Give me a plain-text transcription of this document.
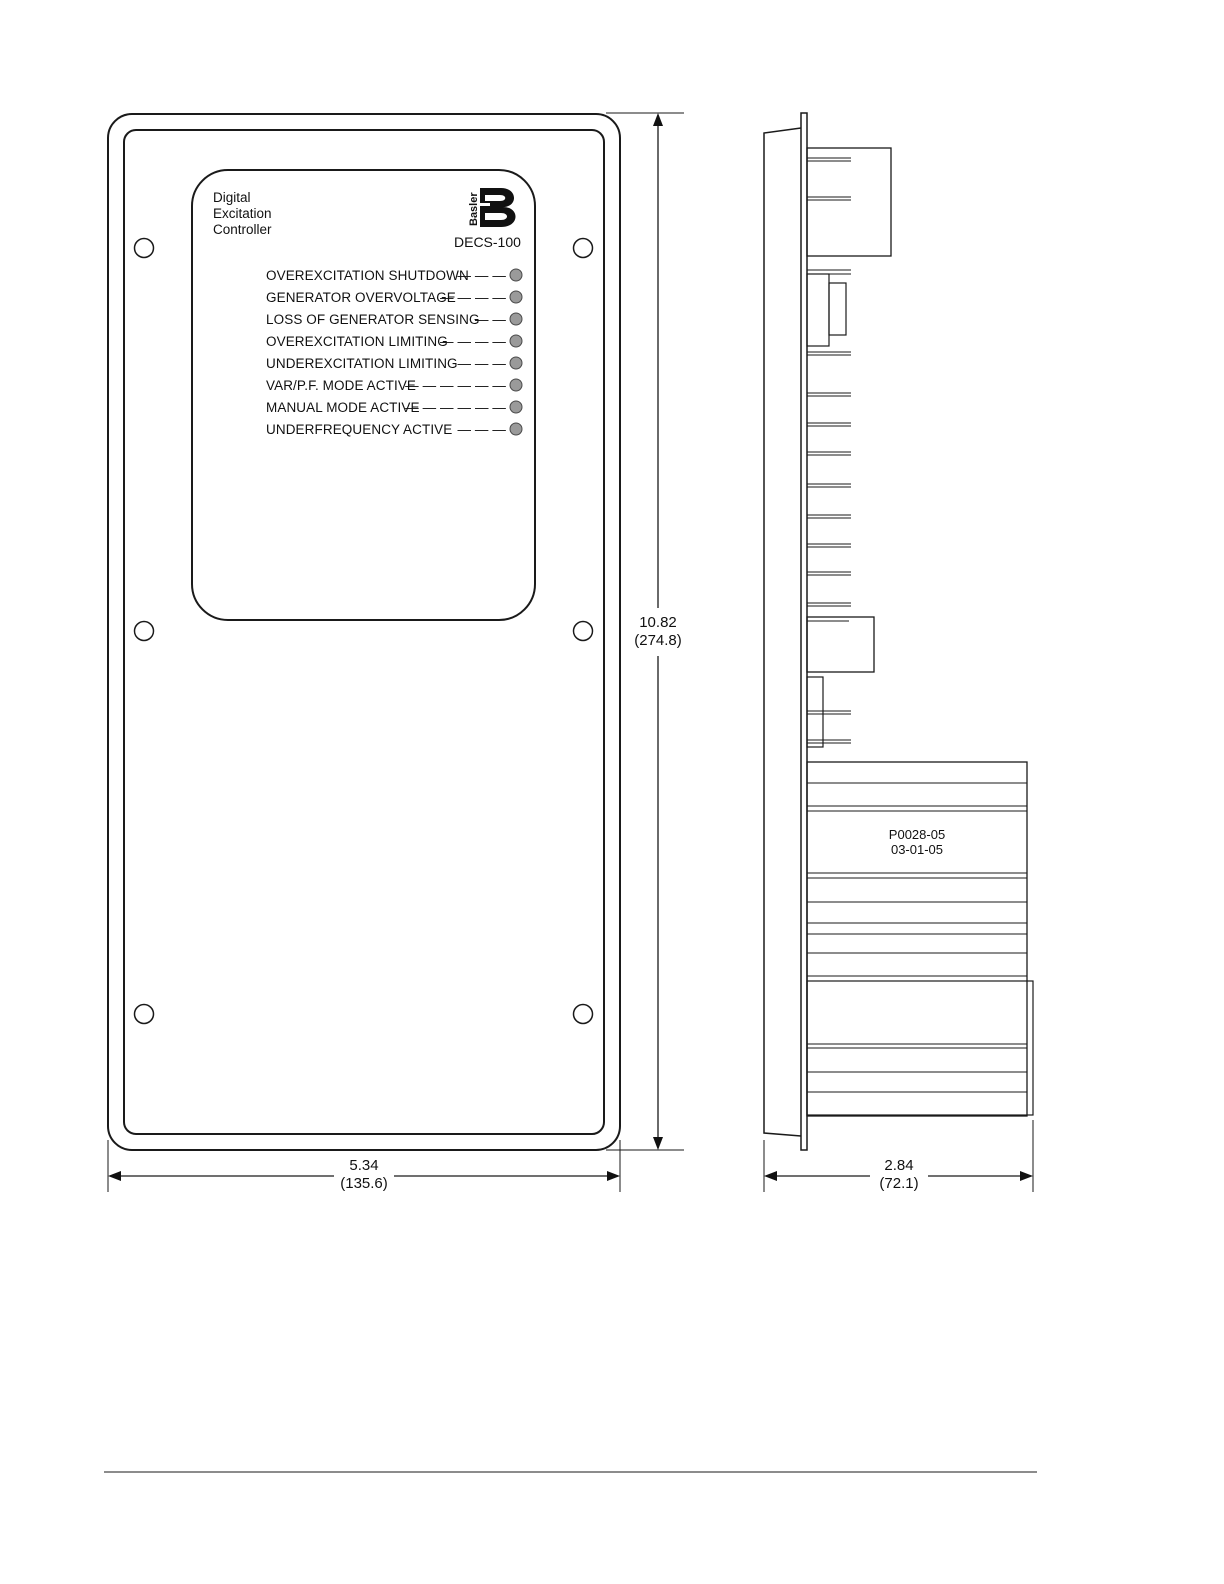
Digital
Excitation
Controller
Basler
DECS-100
OVEREXCITATION SHUTDOWN
— — —
GENERATOR OVERVOLTAGE
— — — —
LOSS OF GENERATOR SENSING
— —
OVEREXCITATION LIMITING
— — — —
UNDEREXCITATION LIMITING — — —
VAR/P.F. MODE ACTIVE
— — — — — —
MANUAL MODE ACTIVE
— — — — — —
UNDERFREQUENCY ACTIVE — — —
10.82
(274.8)
5.34
(135.6)
P0028-05
03-01-05
2.84
(72.1)
